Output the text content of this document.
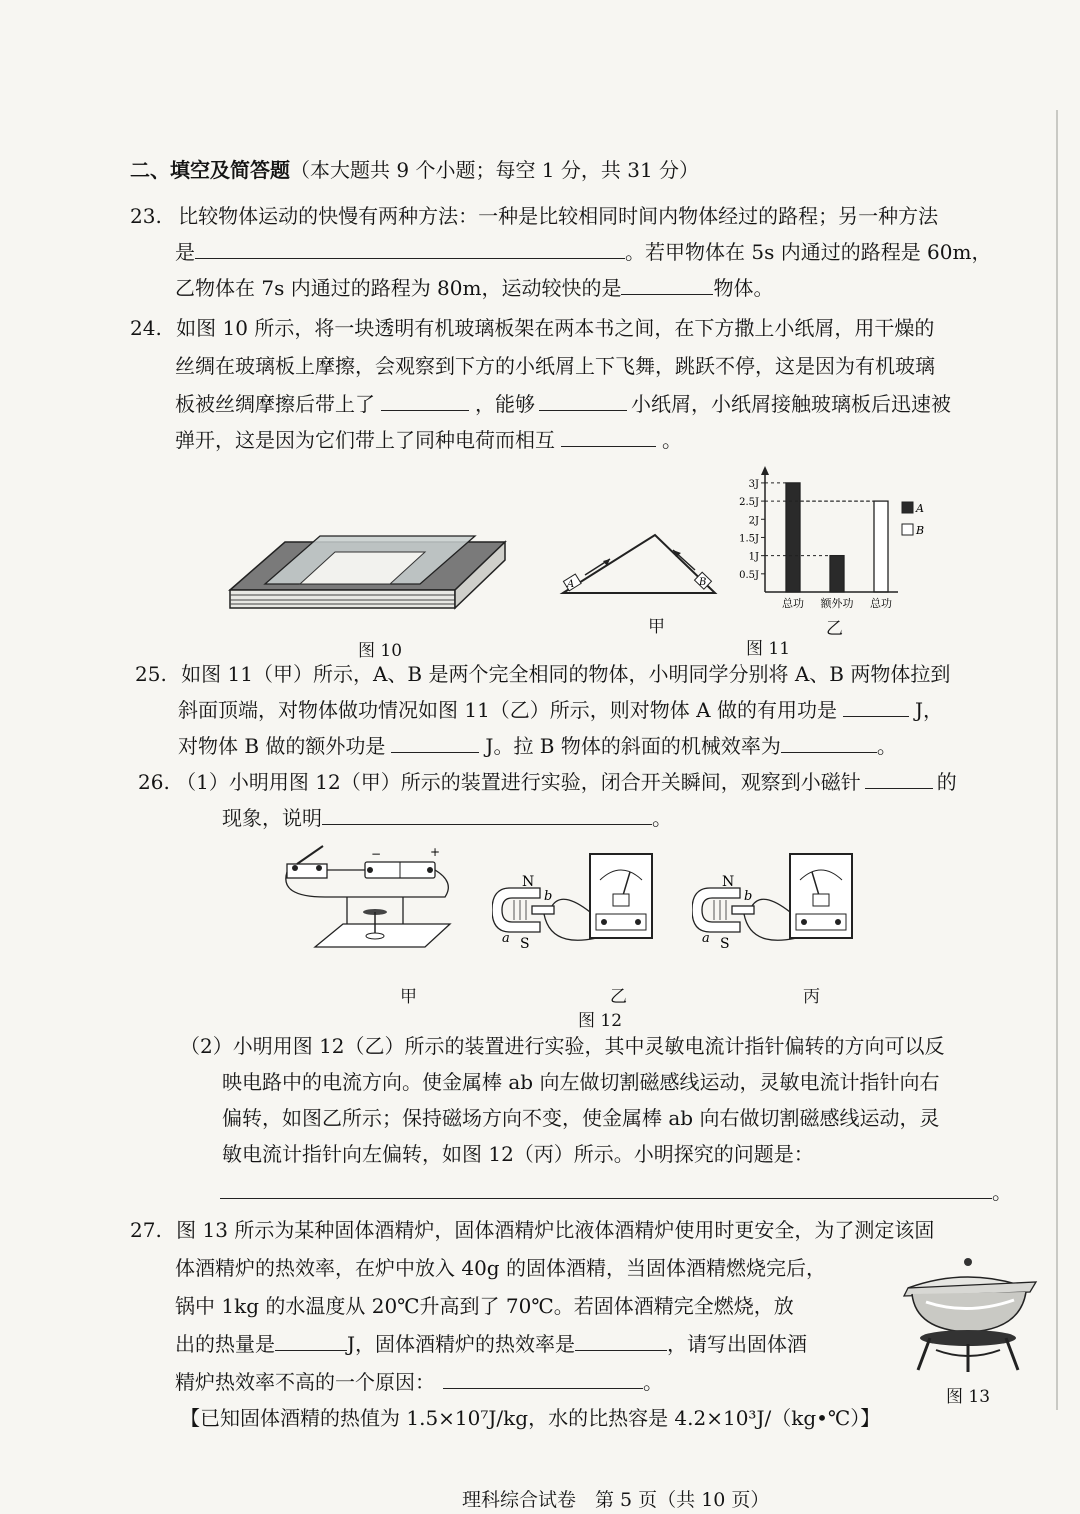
二、填空及简答题（本大题共 9 个小题；每空 1 分，共 31 分）
23. 比较物体运动的快慢有两种方法：一种是比较相同时间内物体经过的路程；另一种方法
是	。若甲物体在 5s 内通过的路程是 60m，
乙物体在 7s 内通过的路程为 80m，运动较快的是	物体。
24. 如图 10 所示，将一块透明有机玻璃板架在两本书之间，在下方撒上小纸屑，用干燥的
丝绸在玻璃板上摩擦，会观察到下方的小纸屑上下飞舞，跳跃不停，这是因为有机玻璃
板被丝绸摩擦后带上了	，能够	小纸屑，小纸屑接触玻璃板后迅速被
弹开，这是因为它们带上了同种电荷而相互	。
图 10
A	B
甲
3J
2.5J
2J
1.5J
1J
0.5J
总功 额外功 总功
A
B
图 11
乙
25. 如图 11（甲）所示，A、B 是两个完全相同的物体，小明同学分别将 A、B 两物体拉到
斜面顶端，对物体做功情况如图 11（乙）所示，则对物体 A 做的有用功是	J，
对物体 B 做的额外功是	J。拉 B 物体的斜面的机械效率为	。
26. （1）小明用图 12（甲）所示的装置进行实验，闭合开关瞬间，观察到小磁针	的
现象，说明	。
−	+
甲
N
S
b
a
乙
N
S
b
a
丙
图 12
（2）小明用图 12（乙）所示的装置进行实验，其中灵敏电流计指针偏转的方向可以反
映电路中的电流方向。使金属棒 ab 向左做切割磁感线运动，灵敏电流计指针向右
偏转，如图乙所示；保持磁场方向不变，使金属棒 ab 向右做切割磁感线运动，灵
敏电流计指针向左偏转，如图 12（丙）所示。小明探究的问题是：
。
27. 图 13 所示为某种固体酒精炉，固体酒精炉比液体酒精炉使用时更安全，为了测定该固
体酒精炉的热效率，在炉中放入 40g 的固体酒精，当固体酒精燃烧完后，
锅中 1kg 的水温度从 20℃升高到了 70℃。若固体酒精完全燃烧，放
出的热量是	J，固体酒精炉的热效率是	，请写出固体酒
精炉热效率不高的一个原因：	。
【已知固体酒精的热值为 1.5×10⁷J/kg，水的比热容是 4.2×10³J/（kg•℃）】
图 13
理科综合试卷　第 5 页（共 10 页）
